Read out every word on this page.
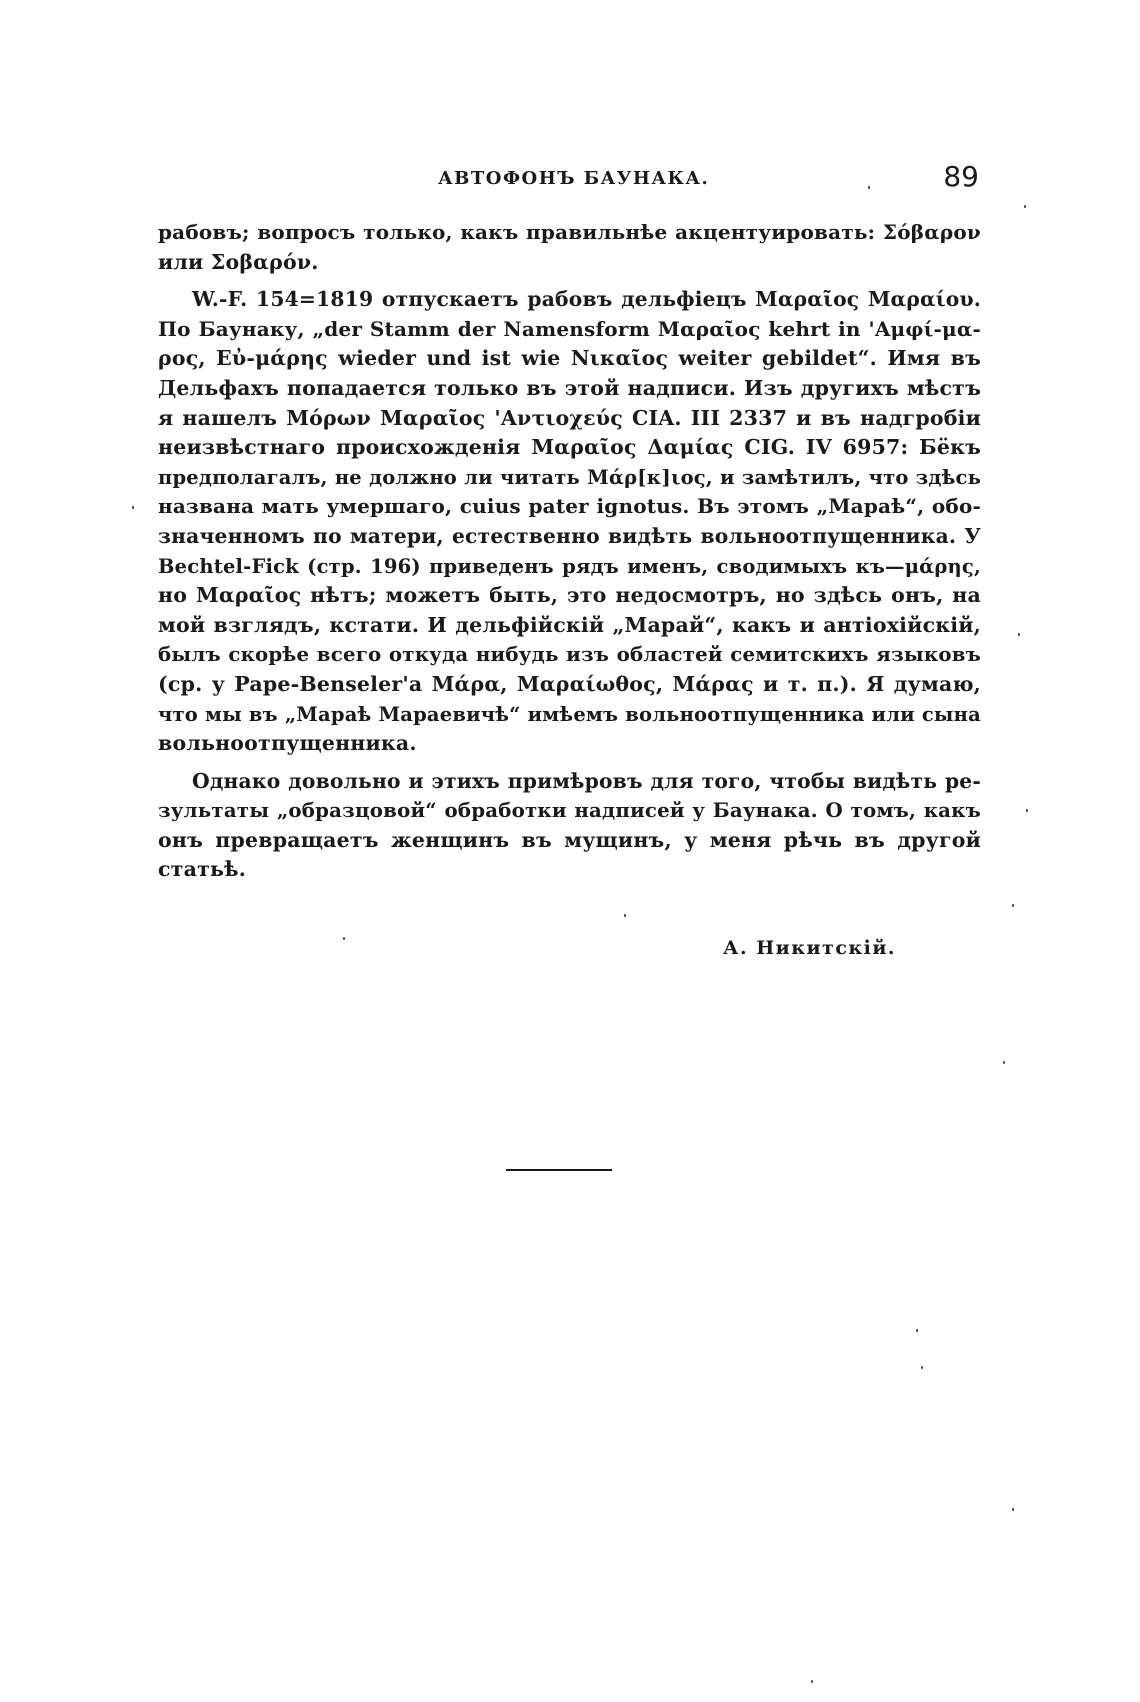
АВТОФОНЪ БАУНАКА.	89
рабовъ; вопросъ только, какъ правильнѣе акцентуировать: Σόβαρον
или Σοβαρόν.
W.-F. 154=1819 отпускаетъ рабовъ дельфіецъ Μαραῖος Μαραίου.
По Баунаку, „der Stamm der Namensform Μαραῖος kehrt in 'Αμφί-μα-
ρος, Εὐ-μάρης wieder und ist wie Νικαῖος weiter gebildet“. Имя въ
Дельфахъ попадается только въ этой надписи. Изъ другихъ мѣстъ
я нашелъ Μόρων Μαραῖος 'Αντιοχεύς CIA. III 2337 и въ надгробіи
неизвѣстнаго происхожденія Μαραῖος Δαμίας CIG. IV 6957: Бёкъ
предполагалъ, не должно ли читать Μάρ[κ]ιος, и замѣтилъ, что здѣсь
названа мать умершаго, cuius pater ignotus. Въ этомъ „Марaѣ“, обо-
значенномъ по матери, естественно видѣть вольноотпущенника. У
Bechtel-Fick (стр. 196) приведенъ рядъ именъ, сводимыхъ къ—μάρης,
но Μαραῖος нѣтъ; можетъ быть, это недосмотръ, но здѣсь онъ, на
мой взглядъ, кстати. И дельфійскій „Марай“, какъ и антіохійскій,
былъ скорѣе всего откуда нибудь изъ областей семитскихъ языковъ
(ср. у Pape-Benseler'а Μάρα, Μαραίωθος, Μάρας и т. п.). Я думаю,
что мы въ „Марaѣ Мараевичѣ“ имѣемъ вольноотпущенника или сына
вольноотпущенника.
Однако довольно и этихъ примѣровъ для того, чтобы видѣть ре-
зультаты „образцовой“ обработки надписей у Баунака. О томъ, какъ
онъ превращаетъ женщинъ въ мущинъ, у меня рѣчь въ другой
статьѣ.
А. Никитскій.
